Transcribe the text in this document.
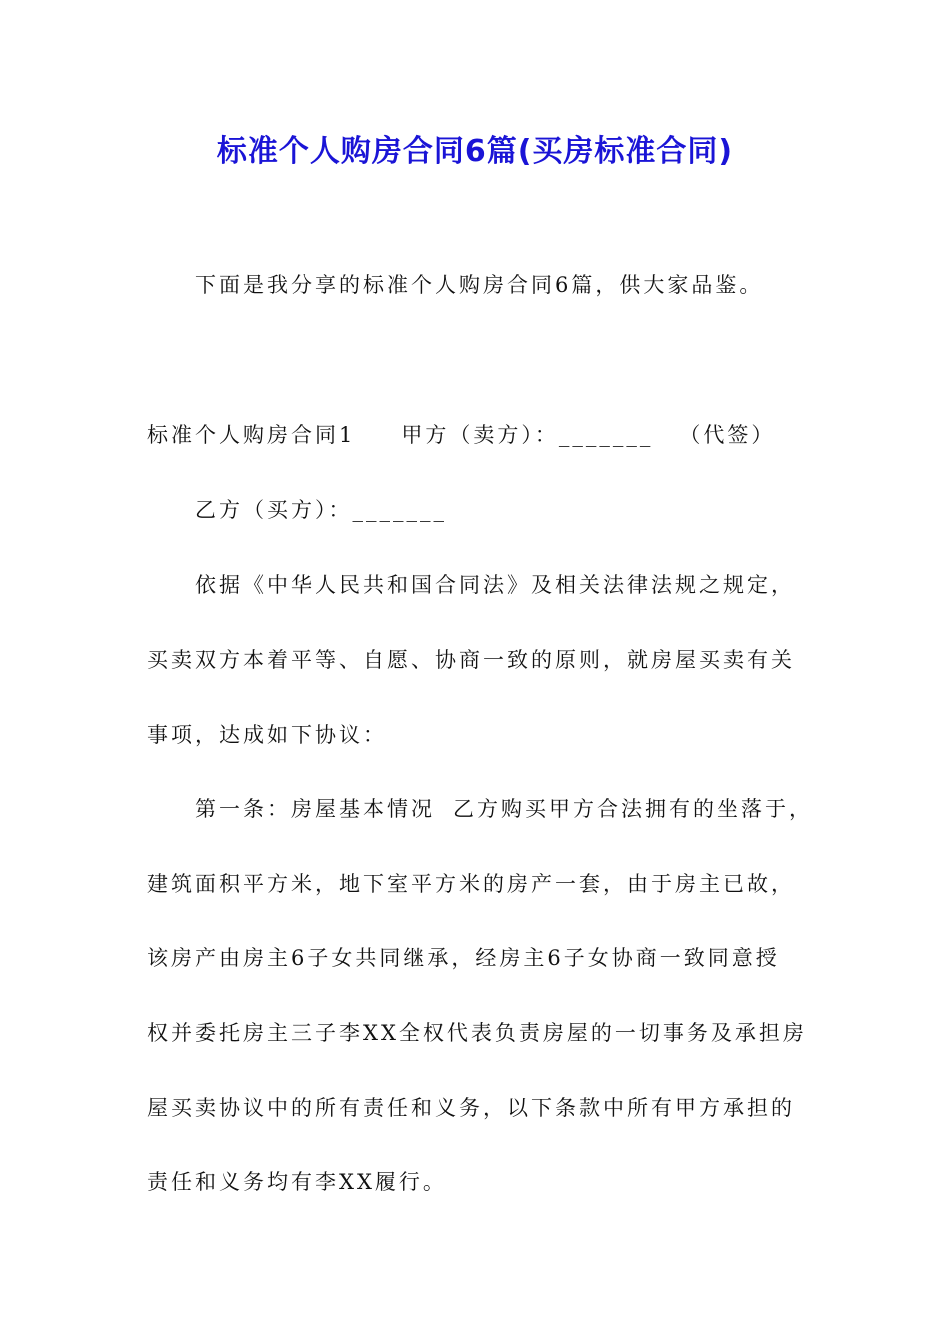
标准个人购房合同6篇(买房标准合同)
下面是我分享的标准个人购房合同6篇，供大家品鉴。
标准个人购房合同1 甲方（卖方）：_______ （代签）
乙方（买方）：_______
依据《中华人民共和国合同法》及相关法律法规之规定，
买卖双方本着平等、自愿、协商一致的原则，就房屋买卖有关
事项，达成如下协议：
第一条：房屋基本情况 乙方购买甲方合法拥有的坐落于，
建筑面积平方米，地下室平方米的房产一套，由于房主已故，
该房产由房主6子女共同继承，经房主6子女协商一致同意授
权并委托房主三子李XX全权代表负责房屋的一切事务及承担房
屋买卖协议中的所有责任和义务，以下条款中所有甲方承担的
责任和义务均有李XX履行。
